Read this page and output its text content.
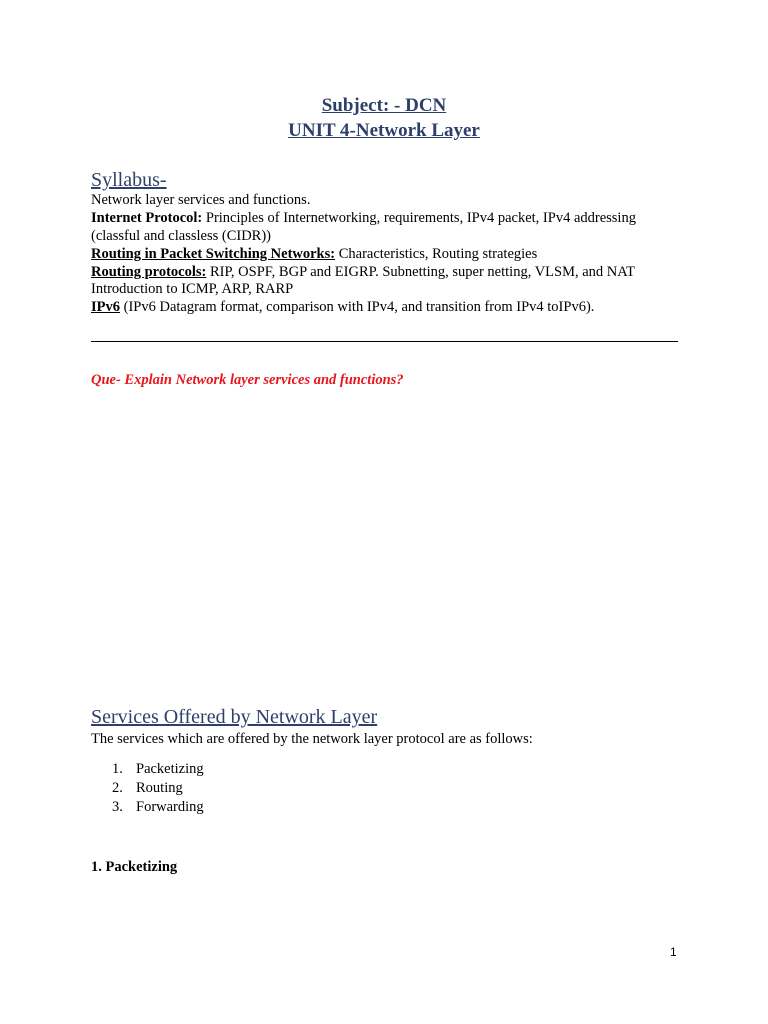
Subject: - DCN
UNIT 4-Network Layer
Syllabus-
Network layer services and functions.
Internet Protocol: Principles of Internetworking, requirements, IPv4 packet, IPv4 addressing
(classful and classless (CIDR))
Routing in Packet Switching Networks: Characteristics, Routing strategies
Routing protocols: RIP, OSPF, BGP and EIGRP. Subnetting, super netting, VLSM, and NAT
Introduction to ICMP, ARP, RARP
IPv6 (IPv6 Datagram format, comparison with IPv4, and transition from IPv4 toIPv6).
Que- Explain Network layer services and functions?
Services Offered by Network Layer
The services which are offered by the network layer protocol are as follows:
1. Packetizing
2. Routing
3. Forwarding
1. Packetizing
1
